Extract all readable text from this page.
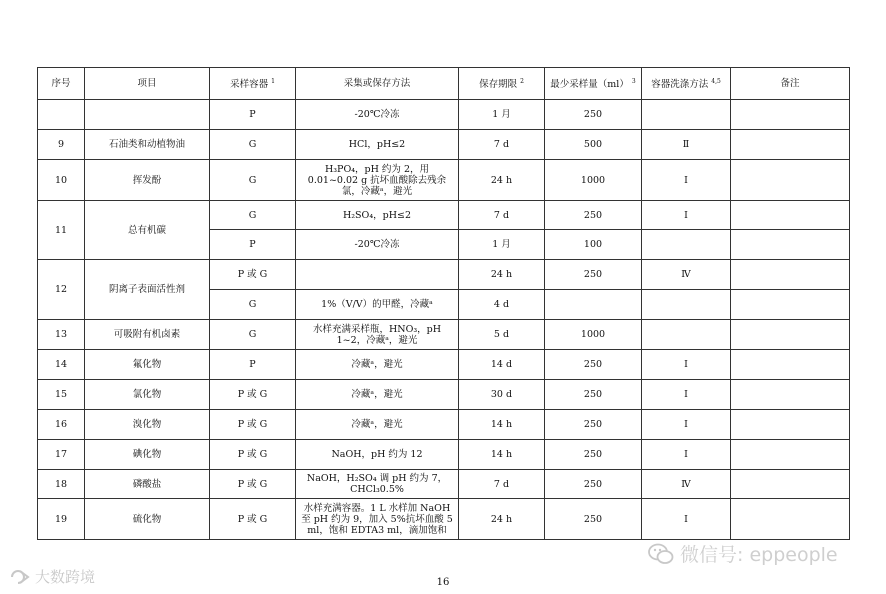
序号	项目	采样容器 $^1$	采集或保存方法	保存期限 $^2$	最少采样量（ml） $^3$	容器洗涤方法 $^{4,5}$	备注
		P	-20℃冷冻	1 月	250		
9	石油类和动植物油	G	HCl，pH≤2	7 d	500	Ⅱ	
10	挥发酚	G	H₃PO₄，pH 约为 2，用 0.01~0.02 g 抗坏血酸除去残余氯，冷藏ᵃ，避光	24 h	1000	Ⅰ	
11	总有机碳	G	H₂SO₄，pH≤2	7 d	250	Ⅰ	
		P	-20℃冷冻	1 月	100		
12	阴离子表面活性剂	P 或 G		24 h	250	Ⅳ	
		G	1%（V/V）的甲醛，冷藏ᵃ	4 d			
13	可吸附有机卤素	G	水样充满采样瓶，HNO₃，pH 1~2，冷藏ᵃ，避光	5 d	1000		
14	氟化物	P	冷藏ᵃ，避光	14 d	250	Ⅰ	
15	氯化物	P 或 G	冷藏ᵃ，避光	30 d	250	Ⅰ	
16	溴化物	P 或 G	冷藏ᵃ，避光	14 h	250	Ⅰ	
17	碘化物	P 或 G	NaOH，pH 约为 12	14 h	250	Ⅰ	
18	磷酸盐	P 或 G	NaOH，H₂SO₄ 调 pH 约为 7，CHCl₃0.5%	7 d	250	Ⅳ	
19	硫化物	P 或 G	水样充满容器。1 L 水样加 NaOH 至 pH 约为 9，加入 5%抗坏血酸 5 ml，饱和 EDTA3 ml，滴加饱和	24 h	250	Ⅰ	
16
微信号: eppeople
大数跨境
